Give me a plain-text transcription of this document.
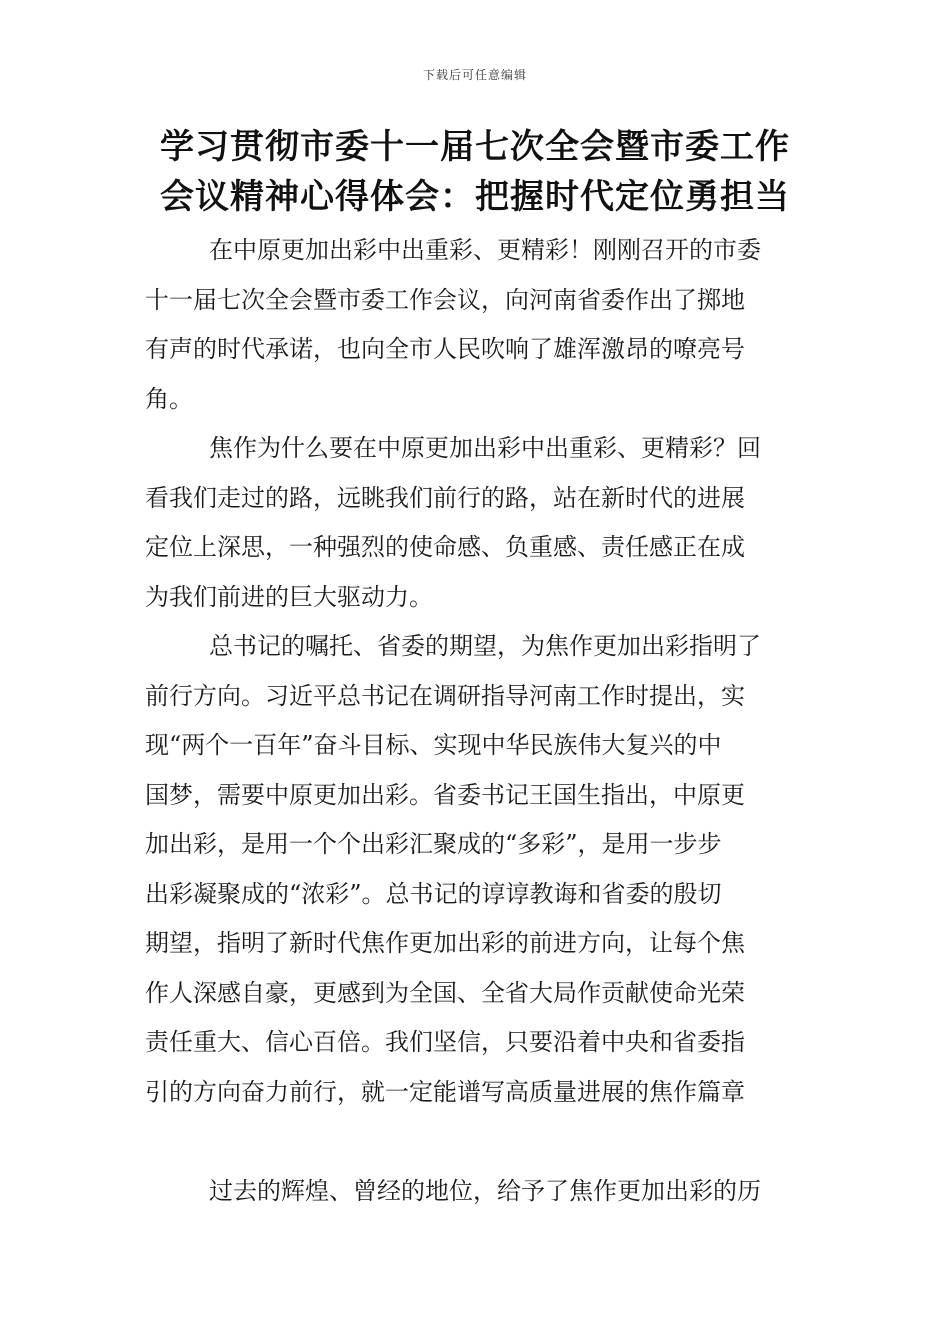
下载后可任意编辑
学习贯彻市委十一届七次全会暨市委工作
会议精神心得体会：把握时代定位勇担当
在中原更加出彩中出重彩、更精彩！刚刚召开的市委
十一届七次全会暨市委工作会议，向河南省委作出了掷地
有声的时代承诺，也向全市人民吹响了雄浑激昂的嘹亮号
角。
焦作为什么要在中原更加出彩中出重彩、更精彩？回
看我们走过的路，远眺我们前行的路，站在新时代的进展
定位上深思，一种强烈的使命感、负重感、责任感正在成
为我们前进的巨大驱动力。
总书记的嘱托、省委的期望，为焦作更加出彩指明了
前行方向。习近平总书记在调研指导河南工作时提出，实
现“两个一百年”奋斗目标、实现中华民族伟大复兴的中
国梦，需要中原更加出彩。省委书记王国生指出，中原更
加出彩，是用一个个出彩汇聚成的“多彩”，是用一步步
出彩凝聚成的“浓彩”。总书记的谆谆教诲和省委的殷切
期望，指明了新时代焦作更加出彩的前进方向，让每个焦
作人深感自豪，更感到为全国、全省大局作贡献使命光荣
责任重大、信心百倍。我们坚信，只要沿着中央和省委指
引的方向奋力前行，就一定能谱写高质量进展的焦作篇章
过去的辉煌、曾经的地位，给予了焦作更加出彩的历
